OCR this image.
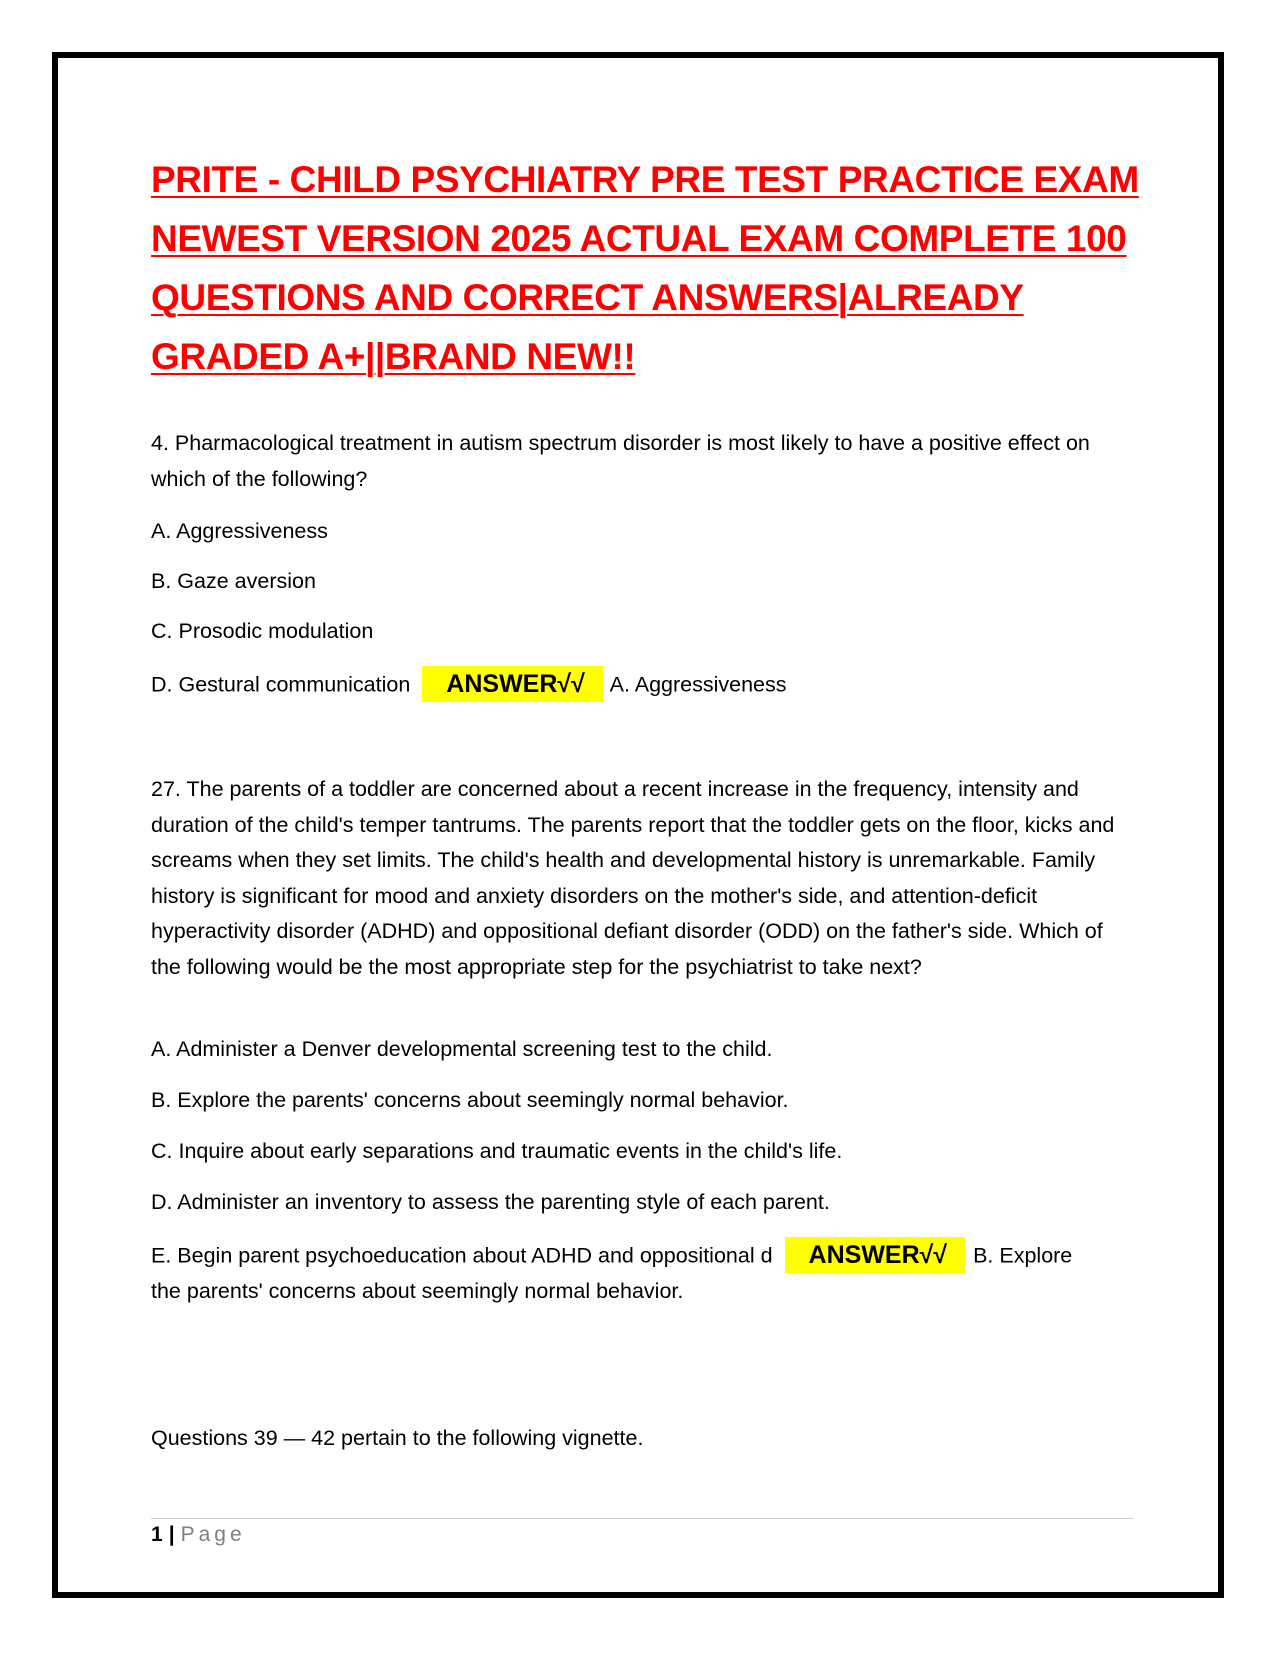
PRITE - CHILD PSYCHIATRY PRE TEST PRACTICE EXAM
NEWEST VERSION 2025 ACTUAL EXAM COMPLETE 100
QUESTIONS AND CORRECT ANSWERS|ALREADY
GRADED A+||BRAND NEW!!

4. Pharmacological treatment in autism spectrum disorder is most likely to have a positive effect on which of the following?

A. Aggressiveness
B. Gaze aversion
C. Prosodic modulation
D. Gestural communication ANSWER√√ A. Aggressiveness

27. The parents of a toddler are concerned about a recent increase in the frequency, intensity and duration of the child's temper tantrums. The parents report that the toddler gets on the floor, kicks and screams when they set limits. The child's health and developmental history is unremarkable. Family history is significant for mood and anxiety disorders on the mother's side, and attention-deficit hyperactivity disorder (ADHD) and oppositional defiant disorder (ODD) on the father's side. Which of the following would be the most appropriate step for the psychiatrist to take next?

A. Administer a Denver developmental screening test to the child.
B. Explore the parents' concerns about seemingly normal behavior.
C. Inquire about early separations and traumatic events in the child's life.
D. Administer an inventory to assess the parenting style of each parent.
E. Begin parent psychoeducation about ADHD and oppositional d ANSWER√√ B. Explore
the parents' concerns about seemingly normal behavior.
Questions 39 — 42 pertain to the following vignette.
1 | Page
